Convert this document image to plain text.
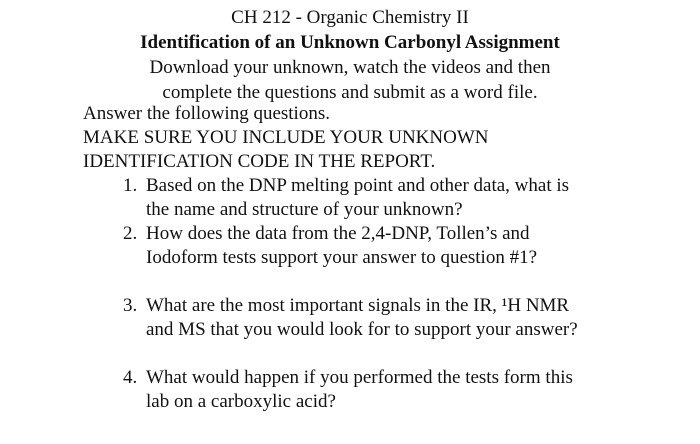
CH 212 - Organic Chemistry II
Identification of an Unknown Carbonyl Assignment
Download your unknown, watch the videos and then
complete the questions and submit as a word file.
Answer the following questions.
MAKE SURE YOU INCLUDE YOUR UNKNOWN
IDENTIFICATION CODE IN THE REPORT.
1. Based on the DNP melting point and other data, what is
the name and structure of your unknown?
2. How does the data from the 2,4-DNP, Tollen’s and
Iodoform tests support your answer to question #1?
3. What are the most important signals in the IR, ¹H NMR
and MS that you would look for to support your answer?
4. What would happen if you performed the tests form this
lab on a carboxylic acid?
